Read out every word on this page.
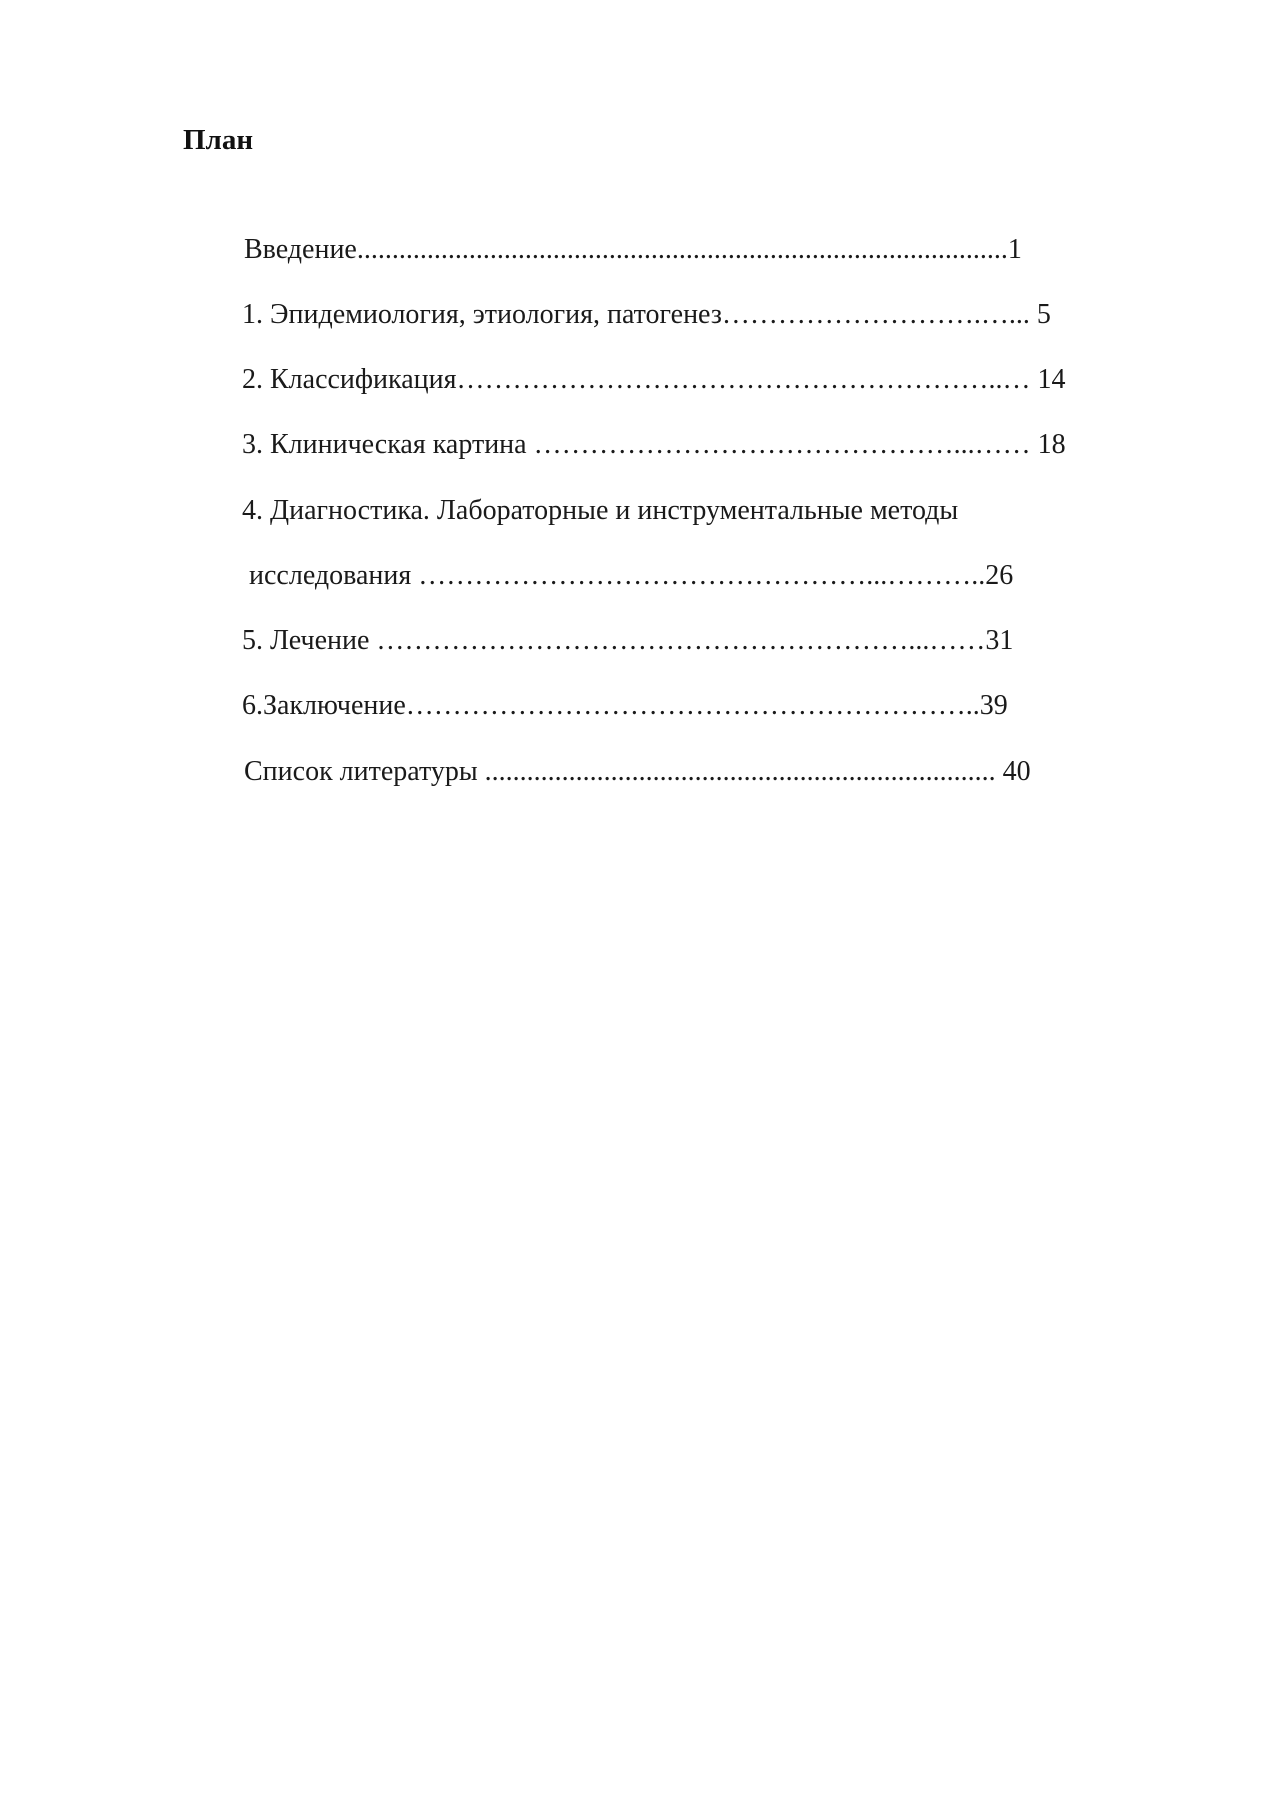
План
Введение.............................................................................................1
1. Эпидемиология, этиология, патогенез……………………….…... 5
2. Классификация…………………………………………………..… 14
3. Клиническая картина ………………………………………...…… 18
4. Диагностика. Лабораторные и инструментальные методы
исследования …………………………………………...………..26
5. Лечение …………………………………………………...……31
6.Заключение……………………………………………………..39
Список литературы ......................................................................... 40
